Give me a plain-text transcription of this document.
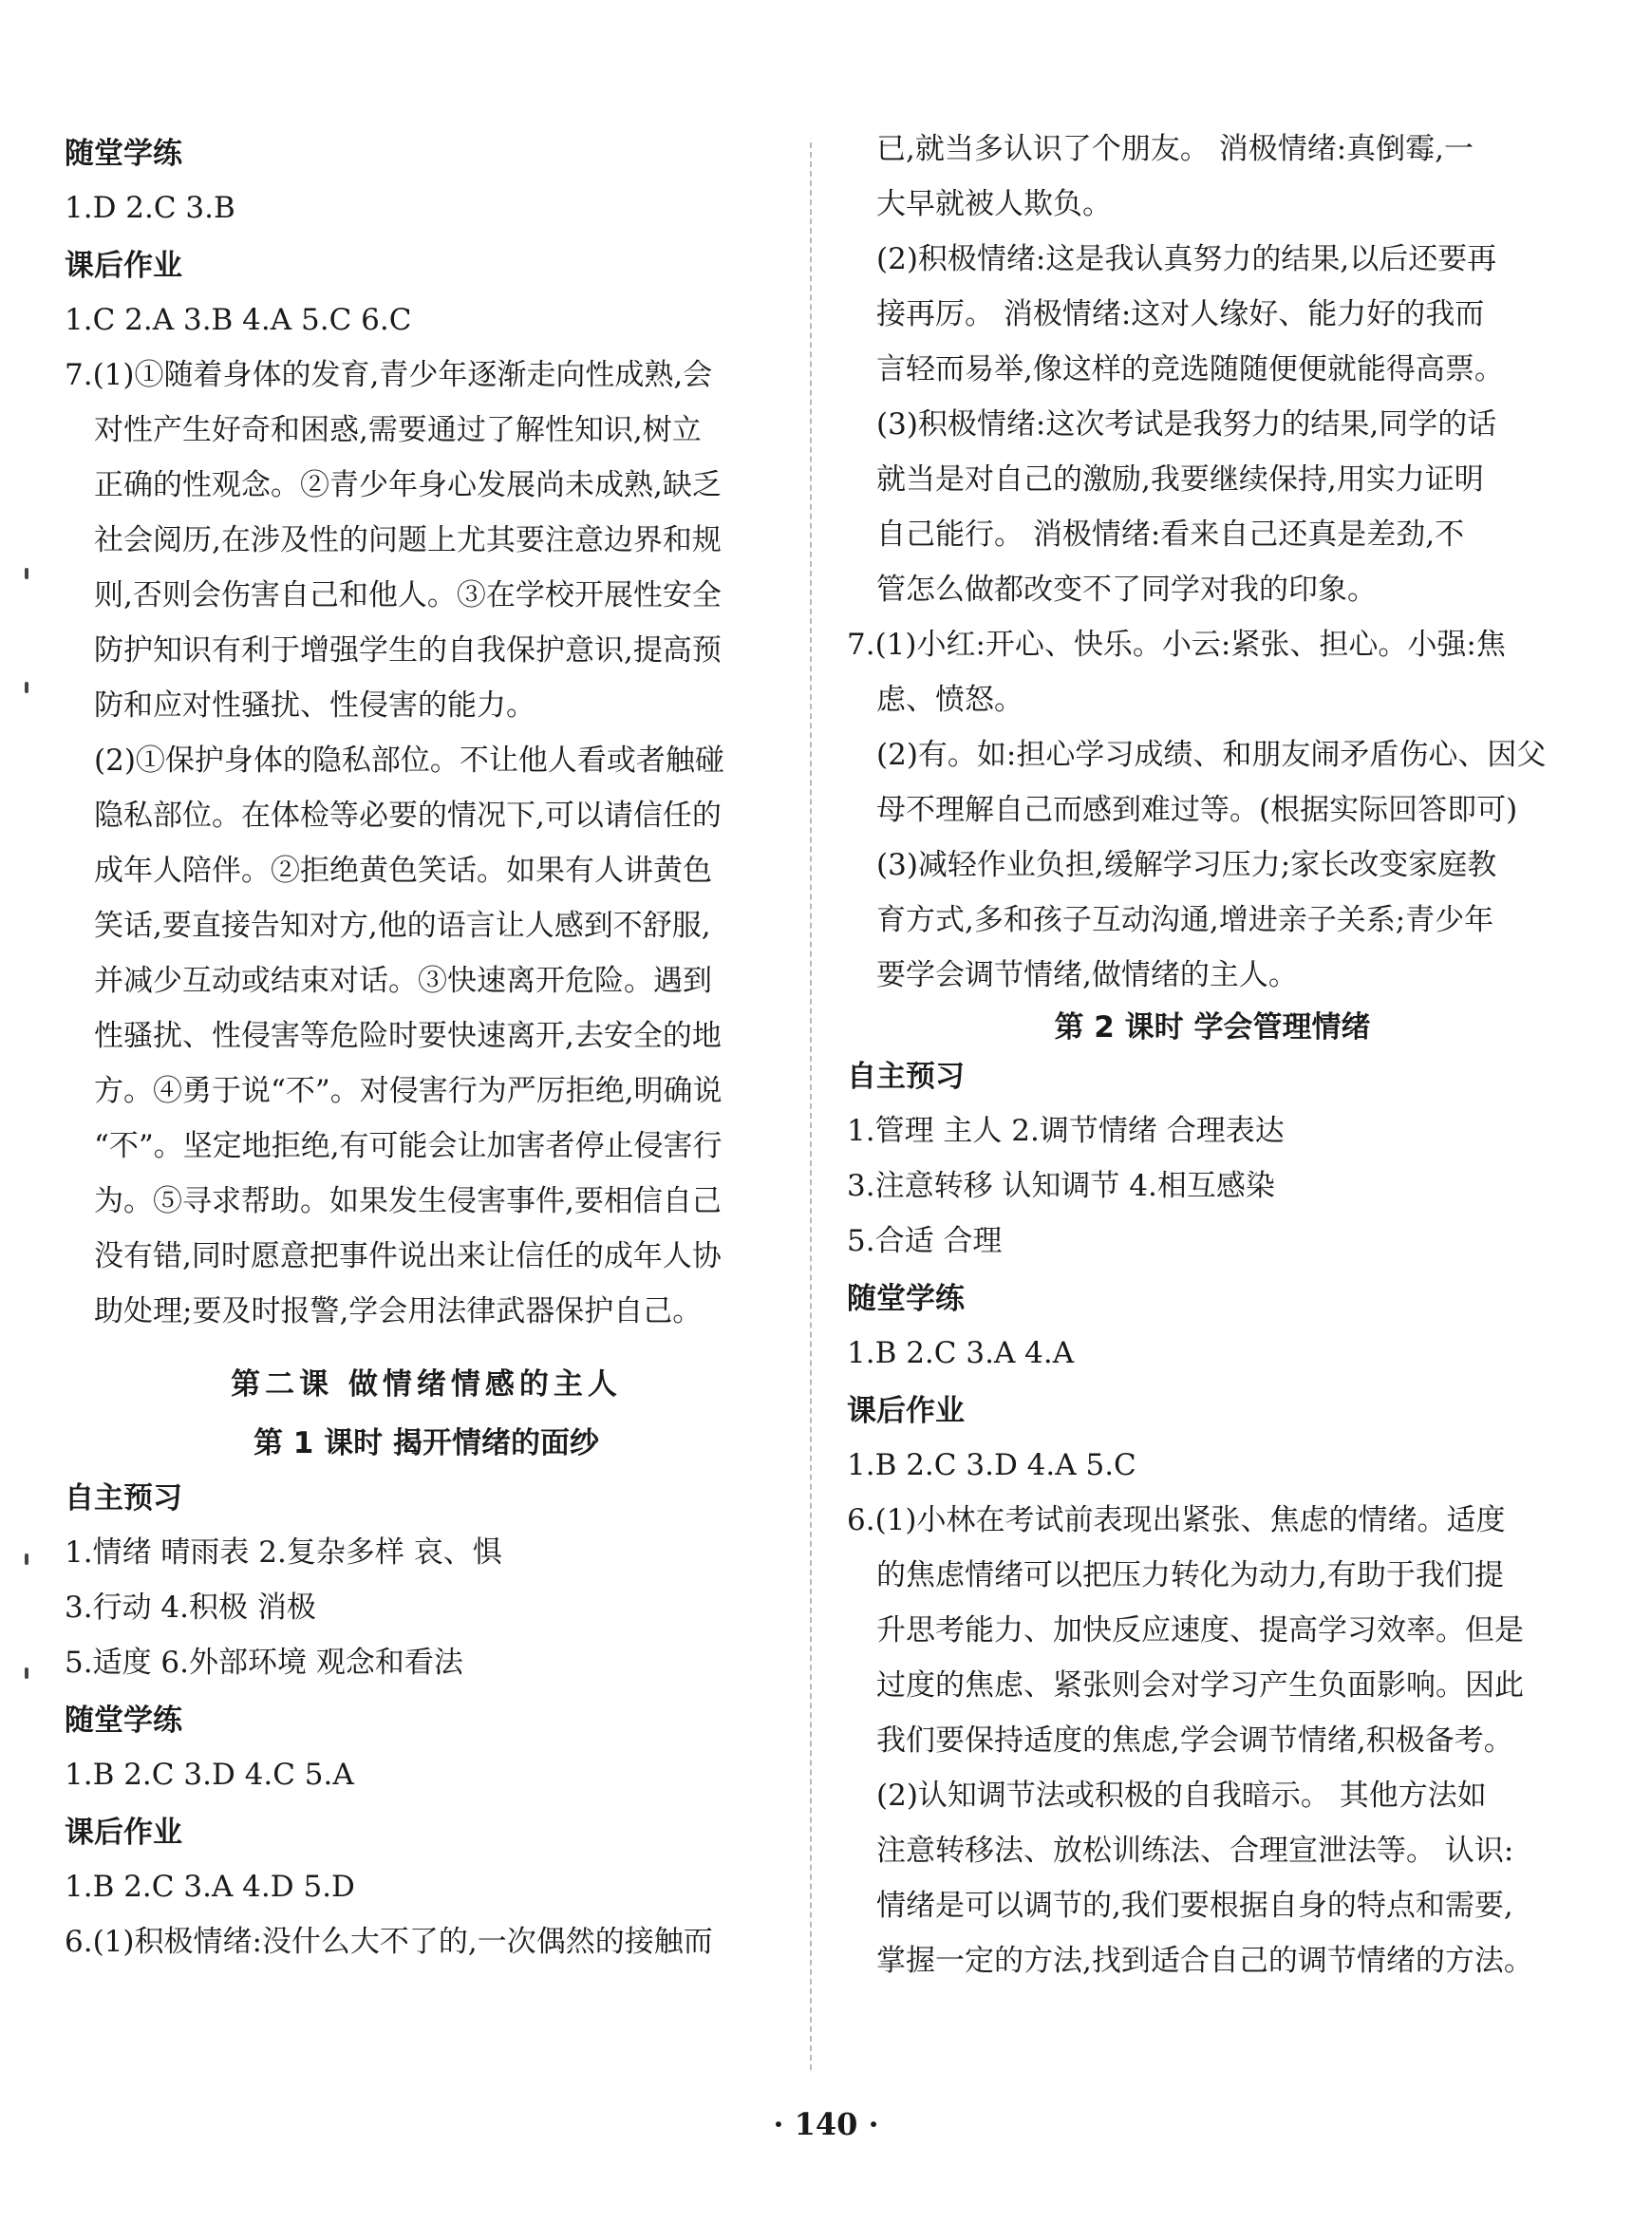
随堂学练
1.D 2.C 3.B
课后作业
1.C 2.A 3.B 4.A 5.C 6.C
7.(1)①随着身体的发育,青少年逐渐走向性成熟,会
对性产生好奇和困惑,需要通过了解性知识,树立
正确的性观念。②青少年身心发展尚未成熟,缺乏
社会阅历,在涉及性的问题上尤其要注意边界和规
则,否则会伤害自己和他人。③在学校开展性安全
防护知识有利于增强学生的自我保护意识,提高预
防和应对性骚扰、性侵害的能力。
(2)①保护身体的隐私部位。不让他人看或者触碰
隐私部位。在体检等必要的情况下,可以请信任的
成年人陪伴。②拒绝黄色笑话。如果有人讲黄色
笑话,要直接告知对方,他的语言让人感到不舒服,
并减少互动或结束对话。③快速离开危险。遇到
性骚扰、性侵害等危险时要快速离开,去安全的地
方。④勇于说“不”。对侵害行为严厉拒绝,明确说
“不”。坚定地拒绝,有可能会让加害者停止侵害行
为。⑤寻求帮助。如果发生侵害事件,要相信自己
没有错,同时愿意把事件说出来让信任的成年人协
助处理;要及时报警,学会用法律武器保护自己。
第二课 做情绪情感的主人
第 1 课时 揭开情绪的面纱
自主预习
1.情绪 晴雨表 2.复杂多样 哀、惧
3.行动 4.积极 消极
5.适度 6.外部环境 观念和看法
随堂学练
1.B 2.C 3.D 4.C 5.A
课后作业
1.B 2.C 3.A 4.D 5.D
6.(1)积极情绪:没什么大不了的,一次偶然的接触而
已,就当多认识了个朋友。 消极情绪:真倒霉,一
大早就被人欺负。
(2)积极情绪:这是我认真努力的结果,以后还要再
接再厉。 消极情绪:这对人缘好、能力好的我而
言轻而易举,像这样的竞选随随便便就能得高票。
(3)积极情绪:这次考试是我努力的结果,同学的话
就当是对自己的激励,我要继续保持,用实力证明
自己能行。 消极情绪:看来自己还真是差劲,不
管怎么做都改变不了同学对我的印象。
7.(1)小红:开心、快乐。小云:紧张、担心。小强:焦
虑、愤怒。
(2)有。如:担心学习成绩、和朋友闹矛盾伤心、因父
母不理解自己而感到难过等。(根据实际回答即可)
(3)减轻作业负担,缓解学习压力;家长改变家庭教
育方式,多和孩子互动沟通,增进亲子关系;青少年
要学会调节情绪,做情绪的主人。
第 2 课时 学会管理情绪
自主预习
1.管理 主人 2.调节情绪 合理表达
3.注意转移 认知调节 4.相互感染
5.合适 合理
随堂学练
1.B 2.C 3.A 4.A
课后作业
1.B 2.C 3.D 4.A 5.C
6.(1)小林在考试前表现出紧张、焦虑的情绪。适度
的焦虑情绪可以把压力转化为动力,有助于我们提
升思考能力、加快反应速度、提高学习效率。但是
过度的焦虑、紧张则会对学习产生负面影响。因此
我们要保持适度的焦虑,学会调节情绪,积极备考。
(2)认知调节法或积极的自我暗示。 其他方法如
注意转移法、放松训练法、合理宣泄法等。 认识:
情绪是可以调节的,我们要根据自身的特点和需要,
掌握一定的方法,找到适合自己的调节情绪的方法。
· 140 ·
